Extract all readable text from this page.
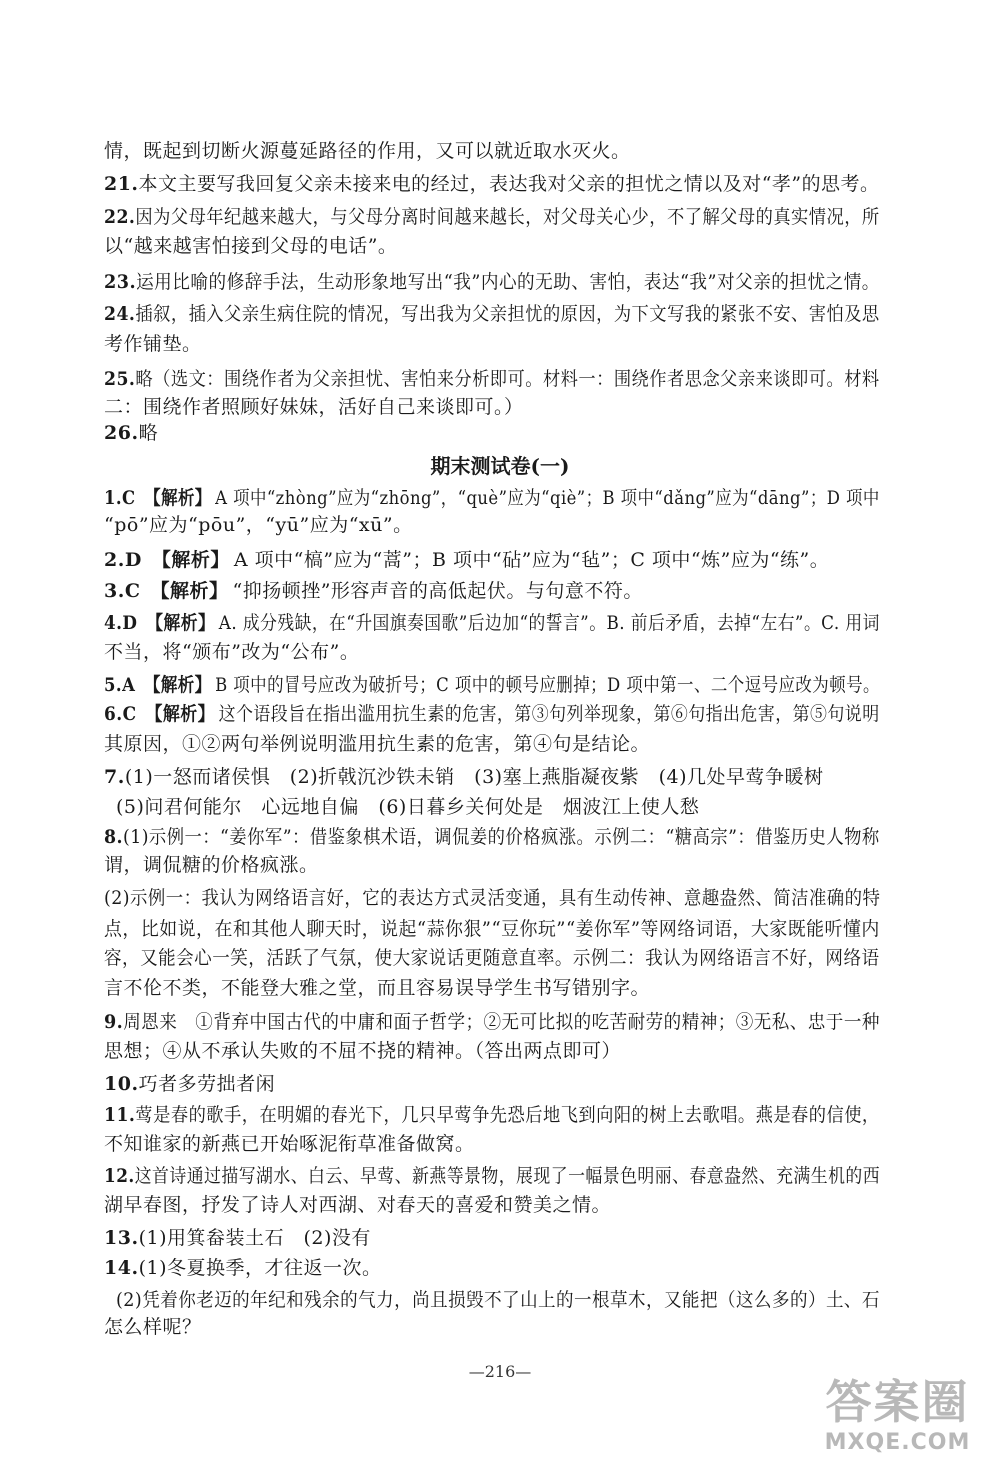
情，既起到切断火源蔓延路径的作用，又可以就近取水灭火。
21.本文主要写我回复父亲未接来电的经过，表达我对父亲的担忧之情以及对“孝”的思考。
22.因为父母年纪越来越大，与父母分离时间越来越长，对父母关心少，不了解父母的真实情况，所
以“越来越害怕接到父母的电话”。
23.运用比喻的修辞手法，生动形象地写出“我”内心的无助、害怕，表达“我”对父亲的担忧之情。
24.插叙，插入父亲生病住院的情况，写出我为父亲担忧的原因，为下文写我的紧张不安、害怕及思
考作铺垫。
25.略（选文：围绕作者为父亲担忧、害怕来分析即可。材料一：围绕作者思念父亲来谈即可。材料
二：围绕作者照顾好妹妹，活好自己来谈即可。）
26.略
期末测试卷(一)
1.C 【解析】 A 项中“zhòng”应为“zhōng”，“què”应为“qiè”；B 项中“dǎng”应为“dāng”；D 项中
“pō”应为“pōu”，“yū”应为“xū”。
2.D 【解析】 A 项中“槁”应为“蒿”；B 项中“砧”应为“毡”；C 项中“炼”应为“练”。
3.C 【解析】 “抑扬顿挫”形容声音的高低起伏。与句意不符。
4.D 【解析】 A. 成分残缺，在“升国旗奏国歌”后边加“的誓言”。B. 前后矛盾，去掉“左右”。C. 用词
不当，将“颁布”改为“公布”。
5.A 【解析】 B 项中的冒号应改为破折号；C 项中的顿号应删掉；D 项中第一、二个逗号应改为顿号。
6.C 【解析】 这个语段旨在指出滥用抗生素的危害，第③句列举现象，第⑥句指出危害，第⑤句说明
其原因，①②两句举例说明滥用抗生素的危害，第④句是结论。
7.(1)一怒而诸侯惧　(2)折戟沉沙铁未销　(3)塞上燕脂凝夜紫　(4)几处早莺争暖树
(5)问君何能尔　心远地自偏　(6)日暮乡关何处是　烟波江上使人愁
8.(1)示例一：“姜你军”：借鉴象棋术语，调侃姜的价格疯涨。示例二：“糖高宗”：借鉴历史人物称
谓，调侃糖的价格疯涨。
(2)示例一：我认为网络语言好，它的表达方式灵活变通，具有生动传神、意趣盎然、简洁准确的特
点，比如说，在和其他人聊天时，说起“蒜你狠”“豆你玩”“姜你军”等网络词语，大家既能听懂内
容，又能会心一笑，活跃了气氛，使大家说话更随意直率。示例二：我认为网络语言不好，网络语
言不伦不类，不能登大雅之堂，而且容易误导学生书写错别字。
9.周恩来　①背弃中国古代的中庸和面子哲学；②无可比拟的吃苦耐劳的精神；③无私、忠于一种
思想；④从不承认失败的不屈不挠的精神。（答出两点即可）
10.巧者多劳拙者闲
11.莺是春的歌手，在明媚的春光下，几只早莺争先恐后地飞到向阳的树上去歌唱。燕是春的信使，
不知谁家的新燕已开始啄泥衔草准备做窝。
12.这首诗通过描写湖水、白云、早莺、新燕等景物，展现了一幅景色明丽、春意盎然、充满生机的西
湖早春图，抒发了诗人对西湖、对春天的喜爱和赞美之情。
13.(1)用箕畚装土石　(2)没有
14.(1)冬夏换季，才往返一次。
(2)凭着你老迈的年纪和残余的气力，尚且损毁不了山上的一根草木，又能把（这么多的）土、石
怎么样呢？
—216—
答案圈
MXQE.COM
